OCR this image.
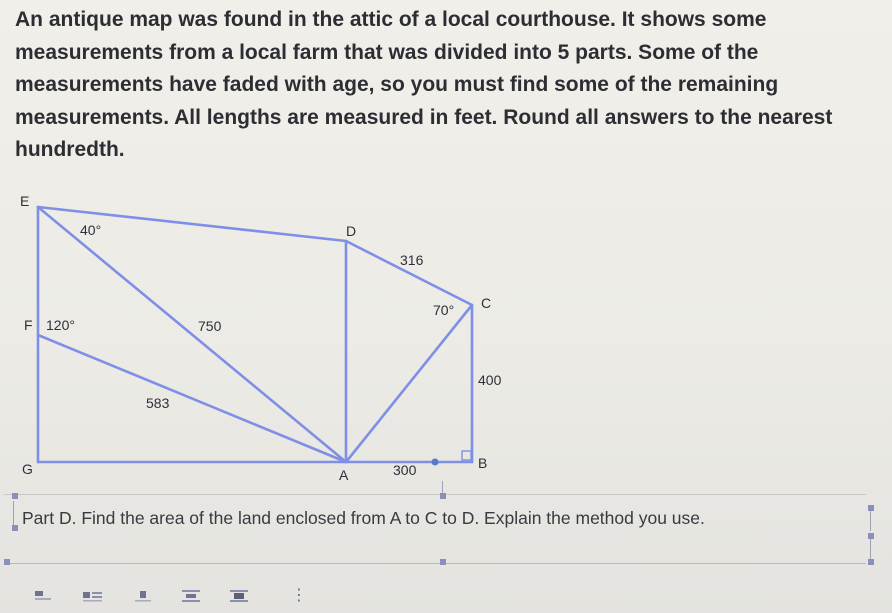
An antique map was found in the attic of a local courthouse. It shows some measurements from a local farm that was divided into 5 parts. Some of the measurements have faded with age, so you must find some of the remaining measurements. All lengths are measured in feet. Round all answers to the nearest hundredth.

E
40°	D
316
70° C
F 120°	750
400
583
G	A	300	B

Part D. Find the area of the land enclosed from A to C to D. Explain the method you use.

⋮
